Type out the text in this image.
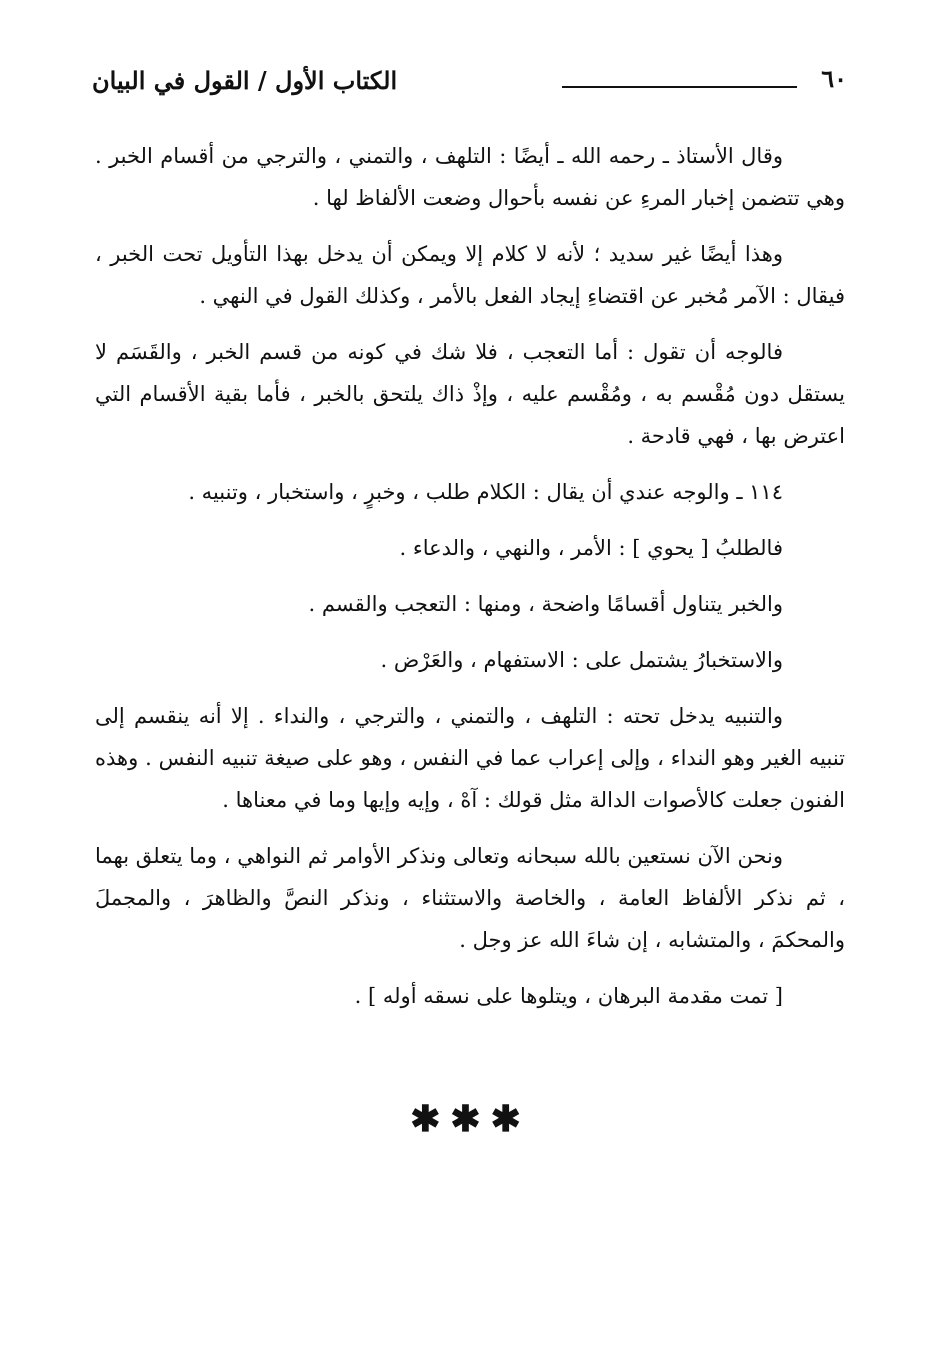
٦٠
الكتاب الأول / القول في البيان

وقال الأستاذ ـ رحمه الله ـ أيضًا : التلهف ، والتمني ، والترجي من أقسام الخبر . وهي تتضمن إخبار المرءِ عن نفسه بأحوال وضعت الألفاظ لها .

وهذا أيضًا غير سديد ؛ لأنه لا كلام إلا ويمكن أن يدخل بهذا التأويل تحت الخبر ، فيقال : الآمر مُخبر عن اقتضاءِ إيجاد الفعل بالأمر ، وكذلك القول في النهي .

فالوجه أن تقول : أما التعجب ، فلا شك في كونه من قسم الخبر ، والقَسَم لا يستقل دون مُقْسم به ، ومُقْسم عليه ، وإذْ ذاك يلتحق بالخبر ، فأما بقية الأقسام التي اعترض بها ، فهي قادحة .

١١٤ ـ والوجه عندي أن يقال : الكلام طلب ، وخبرٍ ، واستخبار ، وتنبيه .

فالطلبُ [ يحوي ] : الأمر ، والنهي ، والدعاء .

والخبر يتناول أقسامًا واضحة ، ومنها : التعجب والقسم .

والاستخبارُ يشتمل على : الاستفهام ، والعَرْض .

والتنبيه يدخل تحته : التلهف ، والتمني ، والترجي ، والنداء . إلا أنه ينقسم إلى تنبيه الغير وهو النداء ، وإلى إعراب عما في النفس ، وهو على صيغة تنبيه النفس . وهذه الفنون جعلت كالأصوات الدالة مثل قولك : آهْ ، وإيه وإيها وما في معناها .

ونحن الآن نستعين بالله سبحانه وتعالى ونذكر الأوامر ثم النواهي ، وما يتعلق بهما ، ثم نذكر الألفاظ العامة ، والخاصة والاستثناء ، ونذكر النصَّ والظاهرَ ، والمجملَ والمحكمَ ، والمتشابه ، إن شاءَ الله عز وجل .

[ تمت مقدمة البرهان ، ويتلوها على نسقه أوله ] .

✱✱✱
